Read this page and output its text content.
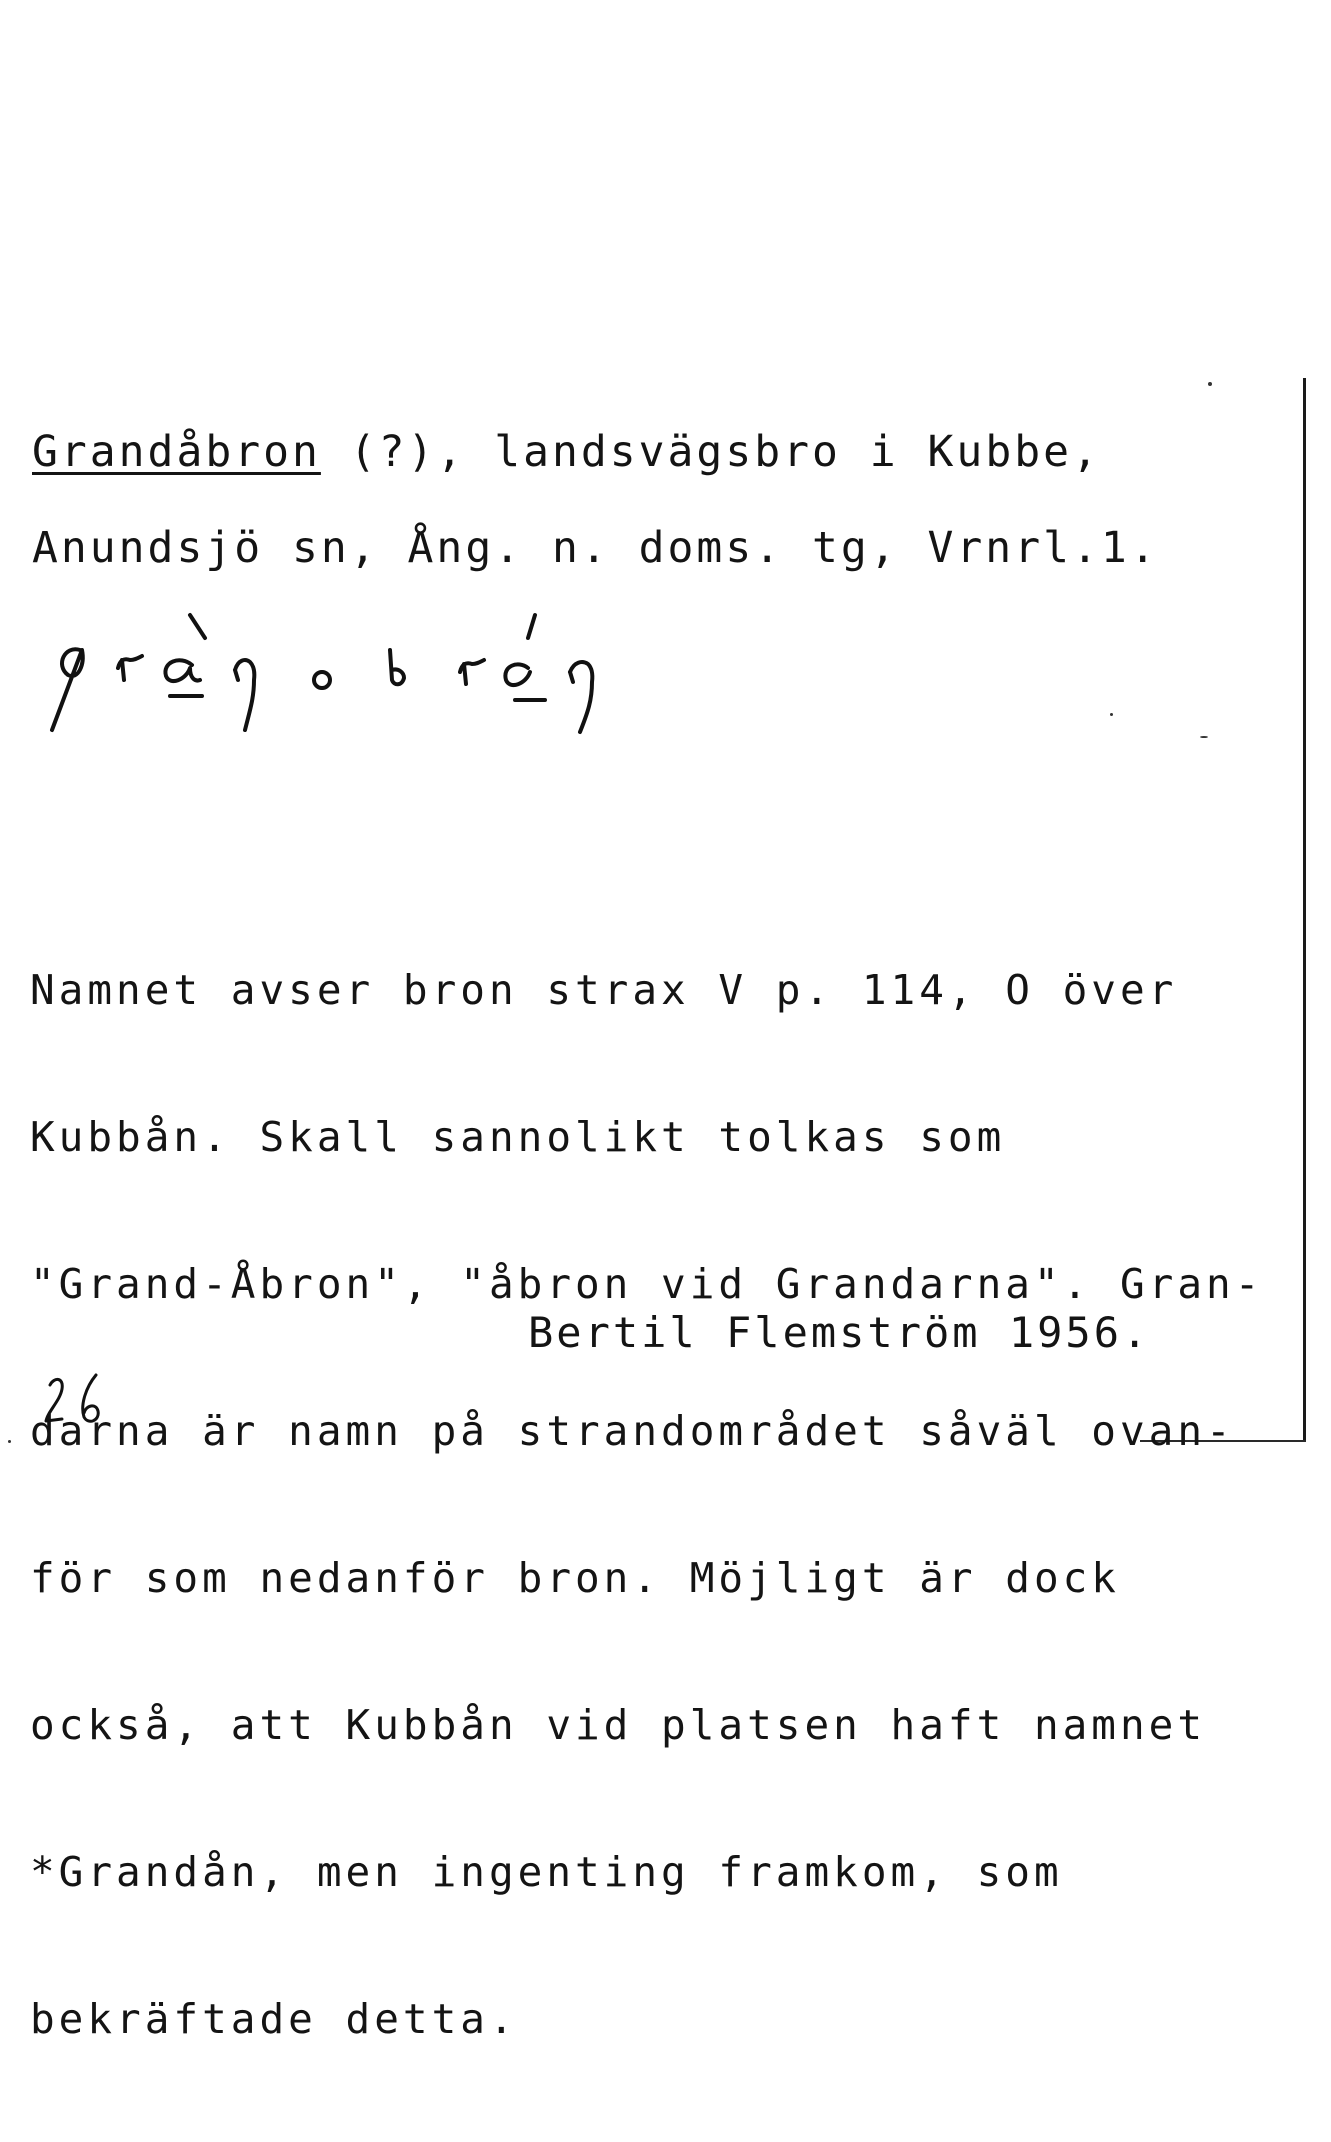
Grandåbron (?), landsvägsbro i Kubbe,
Anundsjö sn, Ång. n. doms. tg, Vrnrl.1.

Namnet avser bron strax V p. 114, O över

Kubbån. Skall sannolikt tolkas som

"Grand-Åbron", "åbron vid Grandarna". Gran-

darna är namn på strandområdet såväl ovan-

för som nedanför bron. Möjligt är dock

också, att Kubbån vid platsen haft namnet

*Grandån, men ingenting framkom, som

bekräftade detta.

Bertil Flemström 1956.
